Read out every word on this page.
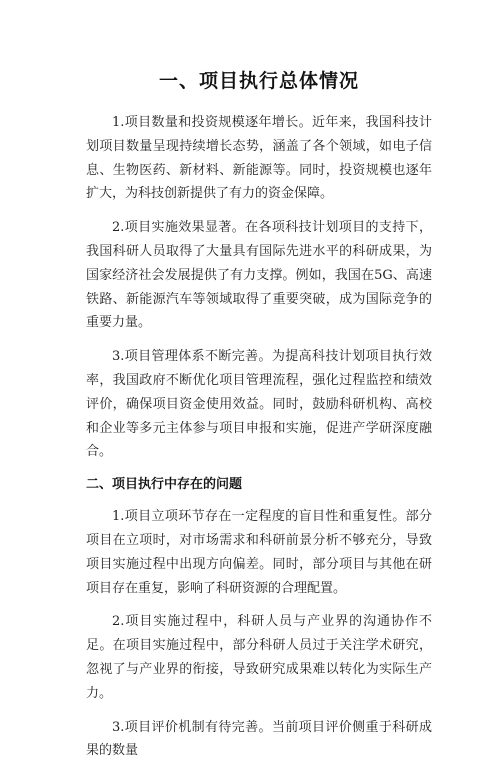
一、项目执行总体情况

1.项目数量和投资规模逐年增长。近年来，我国科技计划项目数量呈现持续增长态势，涵盖了各个领域，如电子信息、生物医药、新材料、新能源等。同时，投资规模也逐年扩大，为科技创新提供了有力的资金保障。

2.项目实施效果显著。在各项科技计划项目的支持下，我国科研人员取得了大量具有国际先进水平的科研成果，为国家经济社会发展提供了有力支撑。例如，我国在5G、高速铁路、新能源汽车等领域取得了重要突破，成为国际竞争的重要力量。

3.项目管理体系不断完善。为提高科技计划项目执行效率，我国政府不断优化项目管理流程，强化过程监控和绩效评价，确保项目资金使用效益。同时，鼓励科研机构、高校和企业等多元主体参与项目申报和实施，促进产学研深度融合。

二、项目执行中存在的问题

1.项目立项环节存在一定程度的盲目性和重复性。部分项目在立项时，对市场需求和科研前景分析不够充分，导致项目实施过程中出现方向偏差。同时，部分项目与其他在研项目存在重复，影响了科研资源的合理配置。

2.项目实施过程中，科研人员与产业界的沟通协作不足。在项目实施过程中，部分科研人员过于关注学术研究，忽视了与产业界的衔接，导致研究成果难以转化为实际生产力。

3.项目评价机制有待完善。当前项目评价侧重于科研成果的数量
